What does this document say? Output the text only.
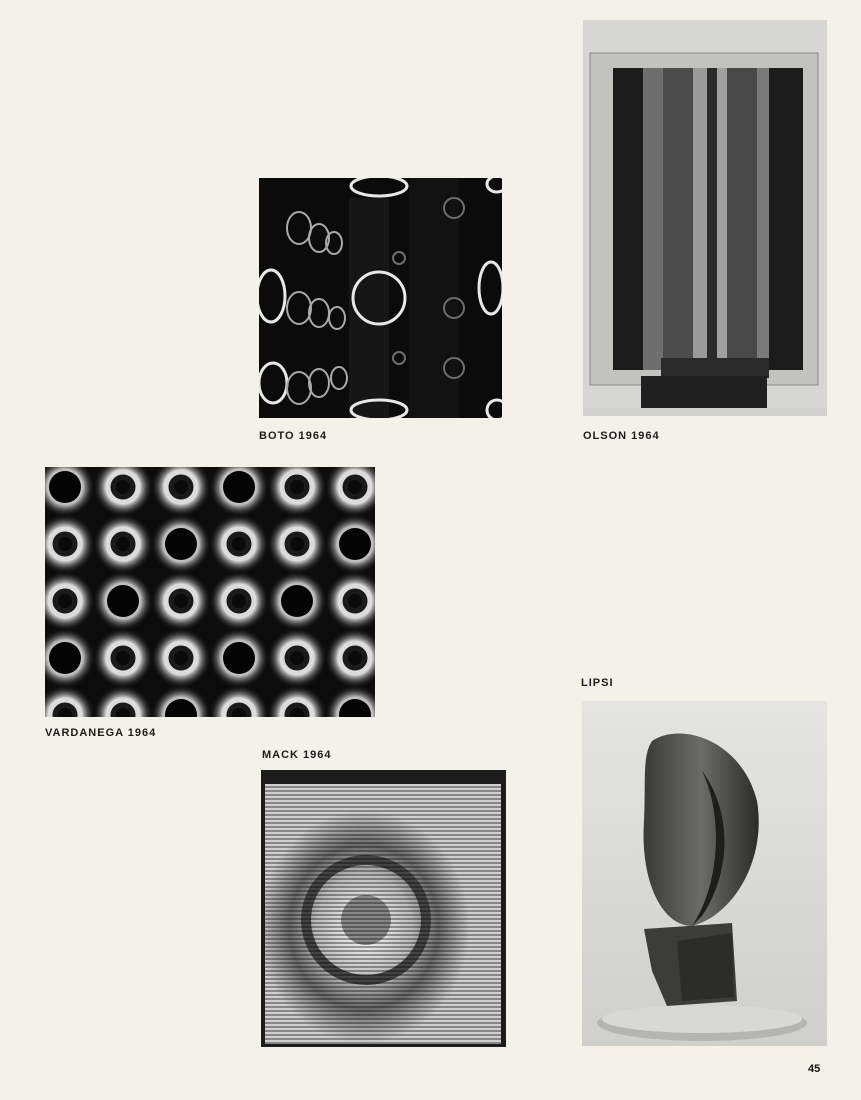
BOTO 1964	OLSON 1964
VARDANEGA 1964
MACK 1964
LIPSI
45
